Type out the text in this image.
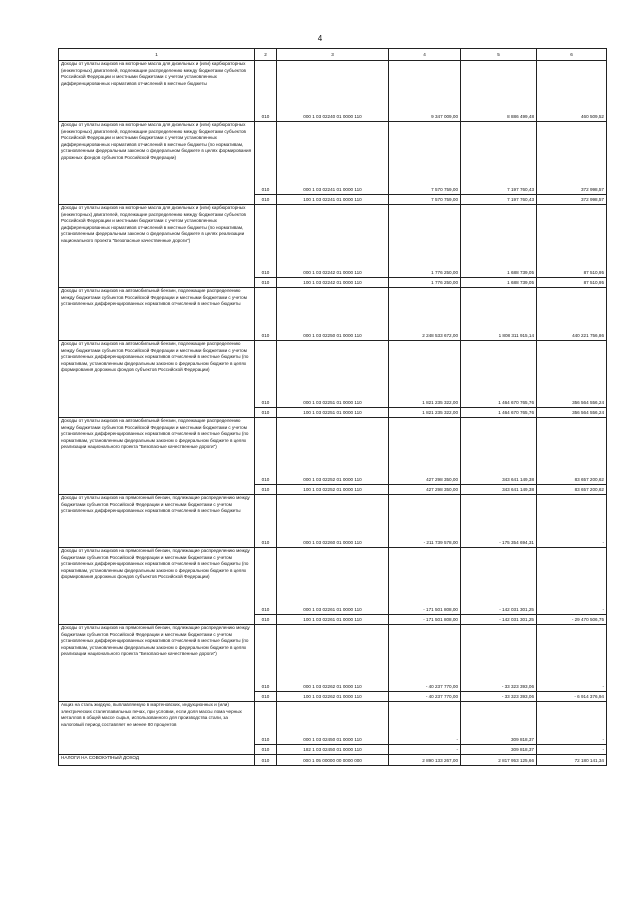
4
1	2	3	4	5	6
Доходы от уплаты акцизов на моторные масла для дизельных и (или) карбюраторных (инжекторных) двигателей, подлежащие распределению между бюджетами субъектов Российской Федерации и местными бюджетами с учетом установленных дифференцированных нормативов отчислений в местные бюджеты	010	000 1 03 02240 01 0000 110	9 347 009,00	8 886 499,48	460 509,52
Доходы от уплаты акцизов на моторные масла для дизельных и (или) карбюраторных (инжекторных) двигателей, подлежащие распределению между бюджетами субъектов Российской Федерации и местными бюджетами с учетом установленных дифференцированных нормативов отчислений в местные бюджеты (по нормативам, установленным федеральным законом о федеральном бюджете в целях формирования дорожных фондов субъектов Российской Федерации)	010	000 1 03 02241 01 0000 110	7 570 759,00	7 197 760,43	372 998,57
	010	100 1 03 02241 01 0000 110	7 570 759,00	7 197 760,43	372 998,57
Доходы от уплаты акцизов на моторные масла для дизельных и (или) карбюраторных (инжекторных) двигателей, подлежащие распределению между бюджетами субъектов Российской Федерации и местными бюджетами с учетом установленных дифференцированных нормативов отчислений в местные бюджеты (по нормативам, установленным федеральным законом о федеральном бюджете в целях реализации национального проекта "Безопасные качественные дороги")	010	000 1 03 02242 01 0000 110	1 776 250,00	1 688 739,05	87 510,95
	010	100 1 03 02242 01 0000 110	1 776 250,00	1 688 739,05	87 510,95
Доходы от уплаты акцизов на автомобильный бензин, подлежащие распределению между бюджетами субъектов Российской Федерации и местными бюджетами с учетом установленных дифференцированных нормативов отчислений в местные бюджеты	010	000 1 03 02250 01 0000 110	2 248 533 672,00	1 808 311 915,14	440 221 756,86
Доходы от уплаты акцизов на автомобильный бензин, подлежащие распределению между бюджетами субъектов Российской Федерации и местными бюджетами с учетом установленных дифференцированных нормативов отчислений в местные бюджеты (по нормативам, установленным федеральным законом о федеральном бюджете в целях формирования дорожных фондов субъектов Российской Федерации)	010	000 1 03 02251 01 0000 110	1 821 235 322,00	1 464 670 765,76	356 564 556,24
	010	100 1 03 02251 01 0000 110	1 821 235 322,00	1 464 670 765,76	356 564 556,24
Доходы от уплаты акцизов на автомобильный бензин, подлежащие распределению между бюджетами субъектов Российской Федерации и местными бюджетами с учетом установленных дифференцированных нормативов отчислений в местные бюджеты (по нормативам, установленным федеральным законом о федеральном бюджете в целях реализации национального проекта "Безопасные качественные дороги")	010	000 1 03 02252 01 0000 110	427 298 350,00	343 641 149,38	83 657 200,62
	010	100 1 03 02252 01 0000 110	427 298 350,00	343 641 149,38	83 657 200,62
Доходы от уплаты акцизов на прямогонный бензин, подлежащие распределению между бюджетами субъектов Российской Федерации и местными бюджетами с учетом установленных дифференцированных нормативов отчислений в местные бюджеты	010	000 1 03 02260 01 0000 110	- 211 739 578,00	- 175 354 694,31	-
Доходы от уплаты акцизов на прямогонный бензин, подлежащие распределению между бюджетами субъектов Российской Федерации и местными бюджетами с учетом установленных дифференцированных нормативов отчислений в местные бюджеты (по нормативам, установленным федеральным законом о федеральном бюджете в целях формирования дорожных фондов субъектов Российской Федерации)	010	000 1 03 02261 01 0000 110	- 171 501 808,00	- 142 031 301,25	-
	010	100 1 03 02261 01 0000 110	- 171 501 808,00	- 142 031 301,25	- 29 470 506,75
Доходы от уплаты акцизов на прямогонный бензин, подлежащие распределению между бюджетами субъектов Российской Федерации и местными бюджетами с учетом установленных дифференцированных нормативов отчислений в местные бюджеты (по нормативам, установленным федеральным законом о федеральном бюджете в целях реализации национального проекта "Безопасные качественные дороги")	010	000 1 03 02262 01 0000 110	- 40 237 770,00	- 33 323 393,06	-
	010	100 1 03 02262 01 0000 110	- 40 237 770,00	- 33 323 393,06	- 6 914 376,94
Акциз на сталь жидкую, выплавляемую в мартеновских, индукционных и (или) электрических сталеплавильных печах, при условии, если доля массы лома черных металлов в общей массе сырья, использованного для производства стали, за налоговый период составляет не менее 80 процентов	010	000 1 03 02450 01 0000 110	-	309 818,37	-
	010	182 1 03 02450 01 0000 110	-	309 818,37	-
НАЛОГИ НА СОВОКУПНЫЙ ДОХОД	010	000 1 05 00000 00 0000 000	2 890 133 267,00	2 817 953 125,66	72 180 141,34
